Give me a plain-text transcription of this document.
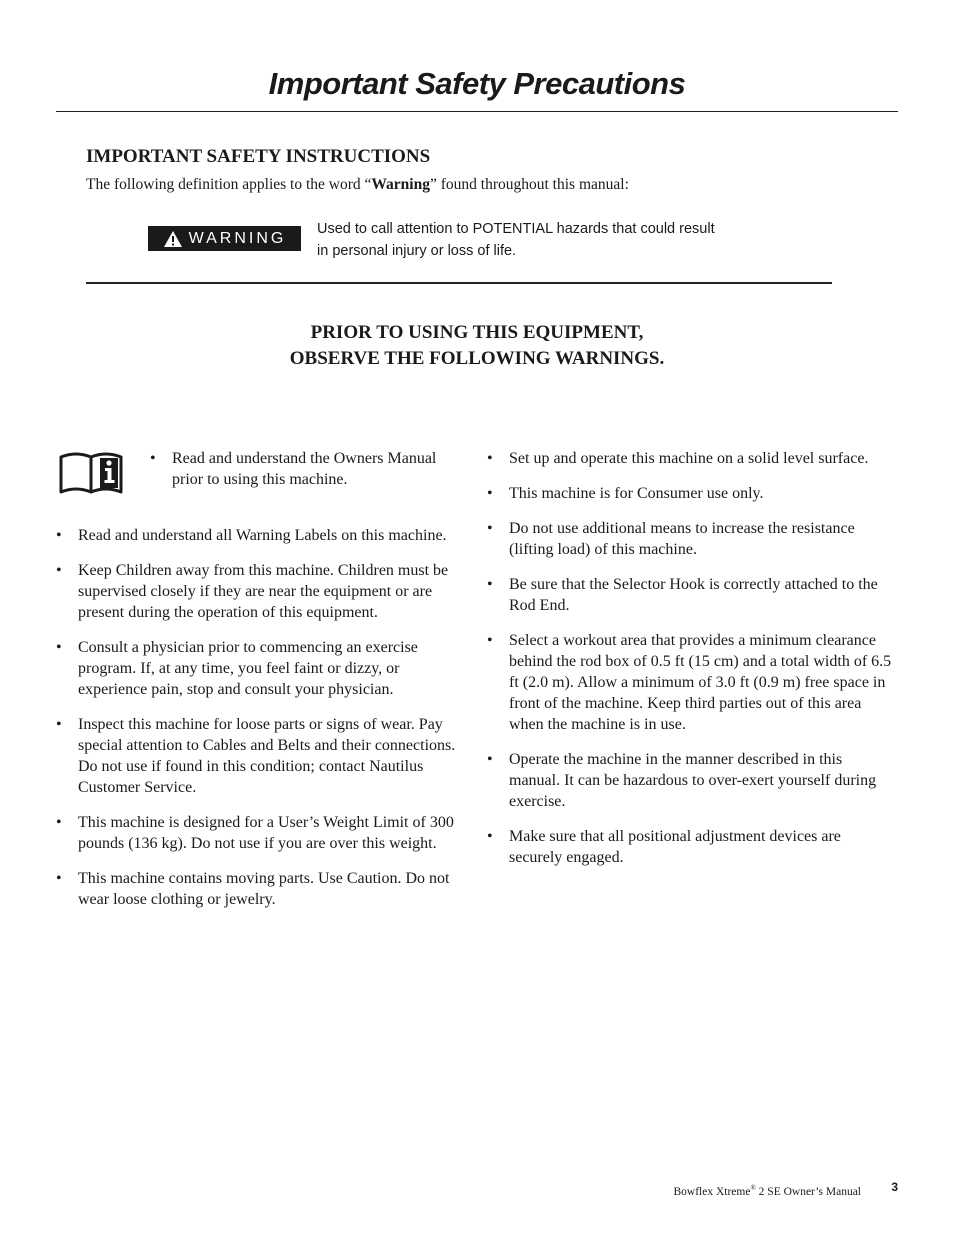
Important Safety Precautions
IMPORTANT SAFETY INSTRUCTIONS
The following definition applies to the word “Warning” found throughout this manual:
WARNING
Used to call attention to POTENTIAL hazards that could result
in personal injury or loss of life.
PRIOR TO USING THIS EQUIPMENT,
OBSERVE THE FOLLOWING WARNINGS.
• Read and understand the Owners Manual prior to using this machine.
• Read and understand all Warning Labels on this machine.
• Keep Children away from this machine. Children must be supervised closely if they are near the equipment or are present during the operation of this equipment.
• Consult a physician prior to commencing an exercise program. If, at any time, you feel faint or dizzy, or experience pain, stop and consult your physician.
• Inspect this machine for loose parts or signs of wear. Pay special attention to Cables and Belts and their connections. Do not use if found in this condition; contact Nautilus Customer Service.
• This machine is designed for a User’s Weight Limit of 300 pounds (136 kg). Do not use if you are over this weight.
• This machine contains moving parts. Use Caution. Do not wear loose clothing or jewelry.
• Set up and operate this machine on a solid level surface.
• This machine is for Consumer use only.
• Do not use additional means to increase the resistance (lifting load) of this machine.
• Be sure that the Selector Hook is correctly attached to the Rod End.
• Select a workout area that provides a minimum clearance behind the rod box of 0.5 ft (15 cm) and a total width of 6.5 ft (2.0 m). Allow a minimum of 3.0 ft (0.9 m) free space in front of the machine. Keep third parties out of this area when the machine is in use.
• Operate the machine in the manner described in this manual. It can be hazardous to over-exert yourself during exercise.
• Make sure that all positional adjustment devices are securely engaged.
Bowflex Xtreme® 2 SE Owner’s Manual	3
